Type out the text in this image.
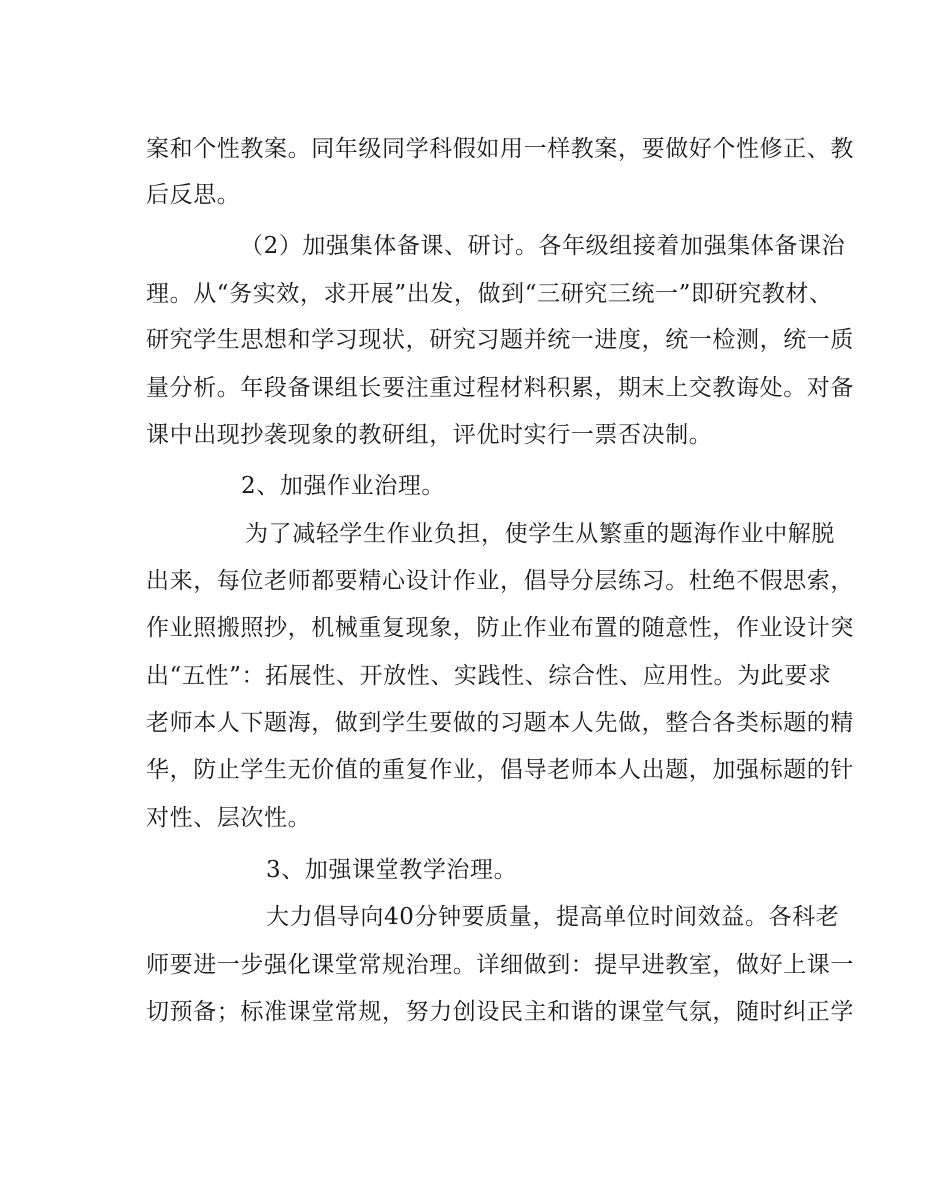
案和个性教案。同年级同学科假如用一样教案，要做好个性修正、教

后反思。

（2）加强集体备课、研讨。各年级组接着加强集体备课治

理。从“务实效，求开展”出发，做到“三研究三统一”即研究教材、

研究学生思想和学习现状，研究习题并统一进度，统一检测，统一质

量分析。年段备课组长要注重过程材料积累，期末上交教诲处。对备

课中出现抄袭现象的教研组，评优时实行一票否决制。

2、加强作业治理。

为了减轻学生作业负担，使学生从繁重的题海作业中解脱

出来，每位老师都要精心设计作业，倡导分层练习。杜绝不假思索，

作业照搬照抄，机械重复现象，防止作业布置的随意性，作业设计突

出“五性”：拓展性、开放性、实践性、综合性、应用性。为此要求

老师本人下题海，做到学生要做的习题本人先做，整合各类标题的精

华，防止学生无价值的重复作业，倡导老师本人出题，加强标题的针

对性、层次性。

3、加强课堂教学治理。

大力倡导向40分钟要质量，提高单位时间效益。各科老

师要进一步强化课堂常规治理。详细做到：提早进教室，做好上课一

切预备；标准课堂常规，努力创设民主和谐的课堂气氛，随时纠正学
